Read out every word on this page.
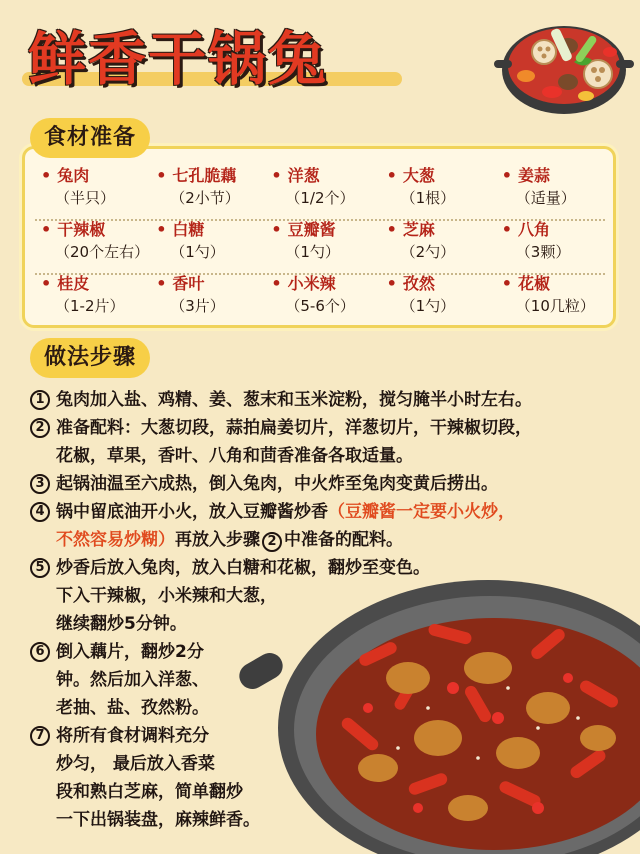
鲜香干锅兔
• 兔肉
（半只）
• 七孔脆藕
（2小节）
• 洋葱
（1/2个）
• 大葱
（1根）
• 姜蒜
（适量）
• 干辣椒
（20个左右）
• 白糖
（1勺）
• 豆瓣酱
（1勺）
• 芝麻
（2勺）
• 八角
（3颗）
• 桂皮
（1-2片）
• 香叶
（3片）
• 小米辣
（5-6个）
• 孜然
（1勺）
• 花椒
（10几粒）
食材准备
做法步骤
1 兔肉加入盐、鸡精、姜、葱末和玉米淀粉，搅匀腌半小时左右。
2 准备配料：大葱切段，蒜拍扁姜切片，洋葱切片，干辣椒切段，
花椒，草果，香叶、八角和茴香准备各取适量。
3 起锅油温至六成热，倒入兔肉，中火炸至兔肉变黄后捞出。
4 锅中留底油开小火，放入豆瓣酱炒香（豆瓣酱一定要小火炒，
不然容易炒糊）再放入步骤 2 中准备的配料。
5 炒香后放入兔肉，放入白糖和花椒，翻炒至变色。
下入干辣椒，小米辣和大葱，
继续翻炒5分钟。
6 倒入藕片，翻炒2分
钟。然后加入洋葱、
老抽、盐、孜然粉。
7 将所有食材调料充分
炒匀， 最后放入香菜
段和熟白芝麻，简单翻炒
一下出锅装盘，麻辣鲜香。
